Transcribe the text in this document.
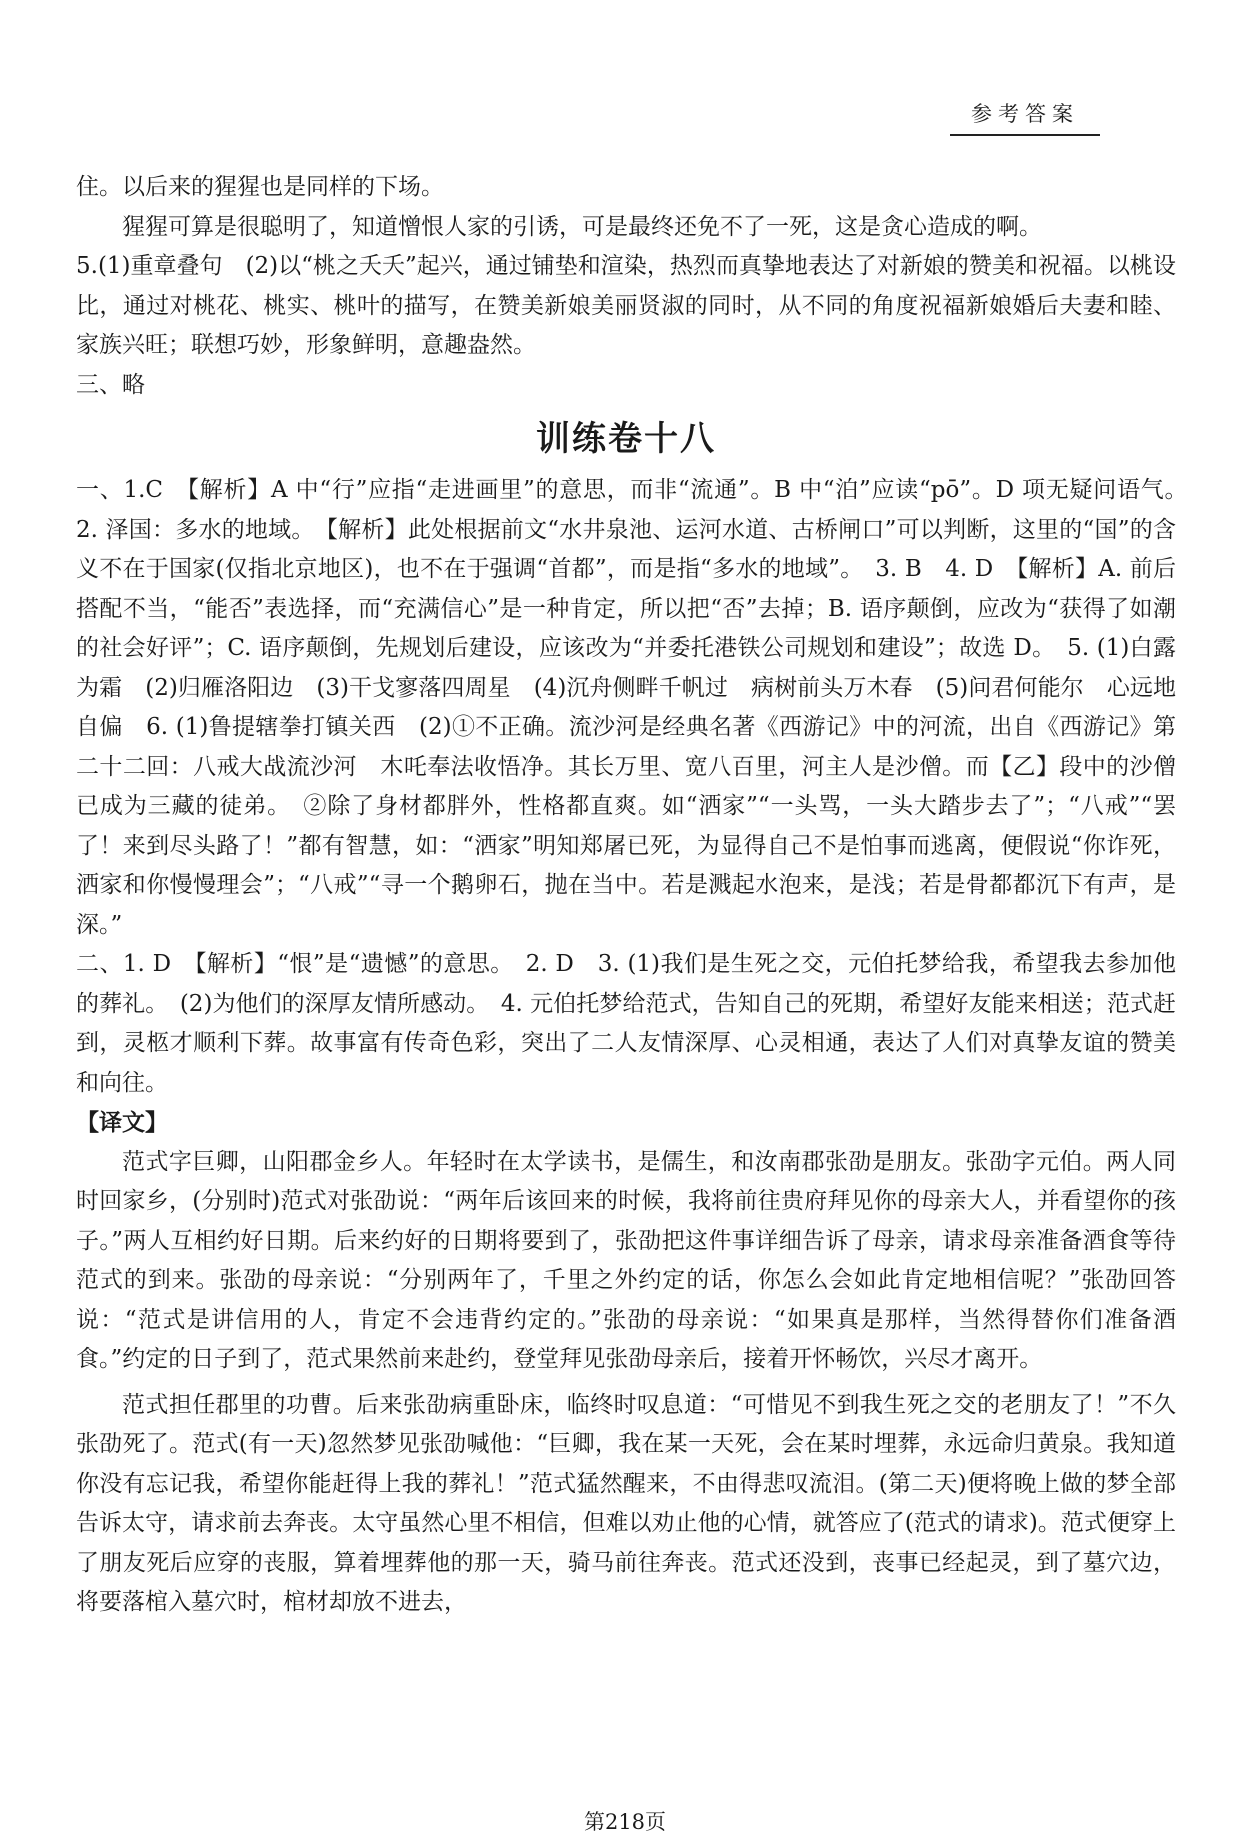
参考答案

住。以后来的猩猩也是同样的下场。

猩猩可算是很聪明了，知道憎恨人家的引诱，可是最终还免不了一死，这是贪心造成的啊。

5.(1)重章叠句　(2)以“桃之夭夭”起兴，通过铺垫和渲染，热烈而真挚地表达了对新娘的赞美和祝福。以桃设比，通过对桃花、桃实、桃叶的描写，在赞美新娘美丽贤淑的同时，从不同的角度祝福新娘婚后夫妻和睦、家族兴旺；联想巧妙，形象鲜明，意趣盎然。

三、略

训练卷十八

一、1.C　【解析】A 中“行”应指“走进画里”的意思，而非“流通”。B 中“泊”应读“pō”。D 项无疑问语气。　2. 泽国：多水的地域。　【解析】此处根据前文“水井泉池、运河水道、古桥闸口”可以判断，这里的“国”的含义不在于国家(仅指北京地区)，也不在于强调“首都”，而是指“多水的地域”。　3. B　4. D　【解析】A. 前后搭配不当，“能否”表选择，而“充满信心”是一种肯定，所以把“否”去掉；B. 语序颠倒，应改为“获得了如潮的社会好评”；C. 语序颠倒，先规划后建设，应该改为“并委托港铁公司规划和建设”；故选 D。　5. (1)白露为霜　(2)归雁洛阳边　(3)干戈寥落四周星　(4)沉舟侧畔千帆过　病树前头万木春　(5)问君何能尔　心远地自偏　6. (1)鲁提辖拳打镇关西　(2)①不正确。流沙河是经典名著《西游记》中的河流，出自《西游记》第二十二回：八戒大战流沙河　木吒奉法收悟净。其长万里、宽八百里，河主人是沙僧。而【乙】段中的沙僧已成为三藏的徒弟。　②除了身材都胖外，性格都直爽。如“洒家”“一头骂，一头大踏步去了”；“八戒”“罢了！来到尽头路了！”都有智慧，如：“洒家”明知郑屠已死，为显得自己不是怕事而逃离，便假说“你诈死，洒家和你慢慢理会”；“八戒”“寻一个鹅卵石，抛在当中。若是溅起水泡来，是浅；若是骨都都沉下有声，是深。”

二、1. D　【解析】“恨”是“遗憾”的意思。　2. D　3. (1)我们是生死之交，元伯托梦给我，希望我去参加他的葬礼。　(2)为他们的深厚友情所感动。　4. 元伯托梦给范式，告知自己的死期，希望好友能来相送；范式赶到，灵柩才顺利下葬。故事富有传奇色彩，突出了二人友情深厚、心灵相通，表达了人们对真挚友谊的赞美和向往。

【译文】

范式字巨卿，山阳郡金乡人。年轻时在太学读书，是儒生，和汝南郡张劭是朋友。张劭字元伯。两人同时回家乡，(分别时)范式对张劭说：“两年后该回来的时候，我将前往贵府拜见你的母亲大人，并看望你的孩子。”两人互相约好日期。后来约好的日期将要到了，张劭把这件事详细告诉了母亲，请求母亲准备酒食等待范式的到来。张劭的母亲说：“分别两年了，千里之外约定的话，你怎么会如此肯定地相信呢？”张劭回答说：“范式是讲信用的人，肯定不会违背约定的。”张劭的母亲说：“如果真是那样，当然得替你们准备酒食。”约定的日子到了，范式果然前来赴约，登堂拜见张劭母亲后，接着开怀畅饮，兴尽才离开。

范式担任郡里的功曹。后来张劭病重卧床，临终时叹息道：“可惜见不到我生死之交的老朋友了！”不久张劭死了。范式(有一天)忽然梦见张劭喊他：“巨卿，我在某一天死，会在某时埋葬，永远命归黄泉。我知道你没有忘记我，希望你能赶得上我的葬礼！”范式猛然醒来，不由得悲叹流泪。(第二天)便将晚上做的梦全部告诉太守，请求前去奔丧。太守虽然心里不相信，但难以劝止他的心情，就答应了(范式的请求)。范式便穿上了朋友死后应穿的丧服，算着埋葬他的那一天，骑马前往奔丧。范式还没到，丧事已经起灵，到了墓穴边，将要落棺入墓穴时，棺材却放不进去，

第218页
